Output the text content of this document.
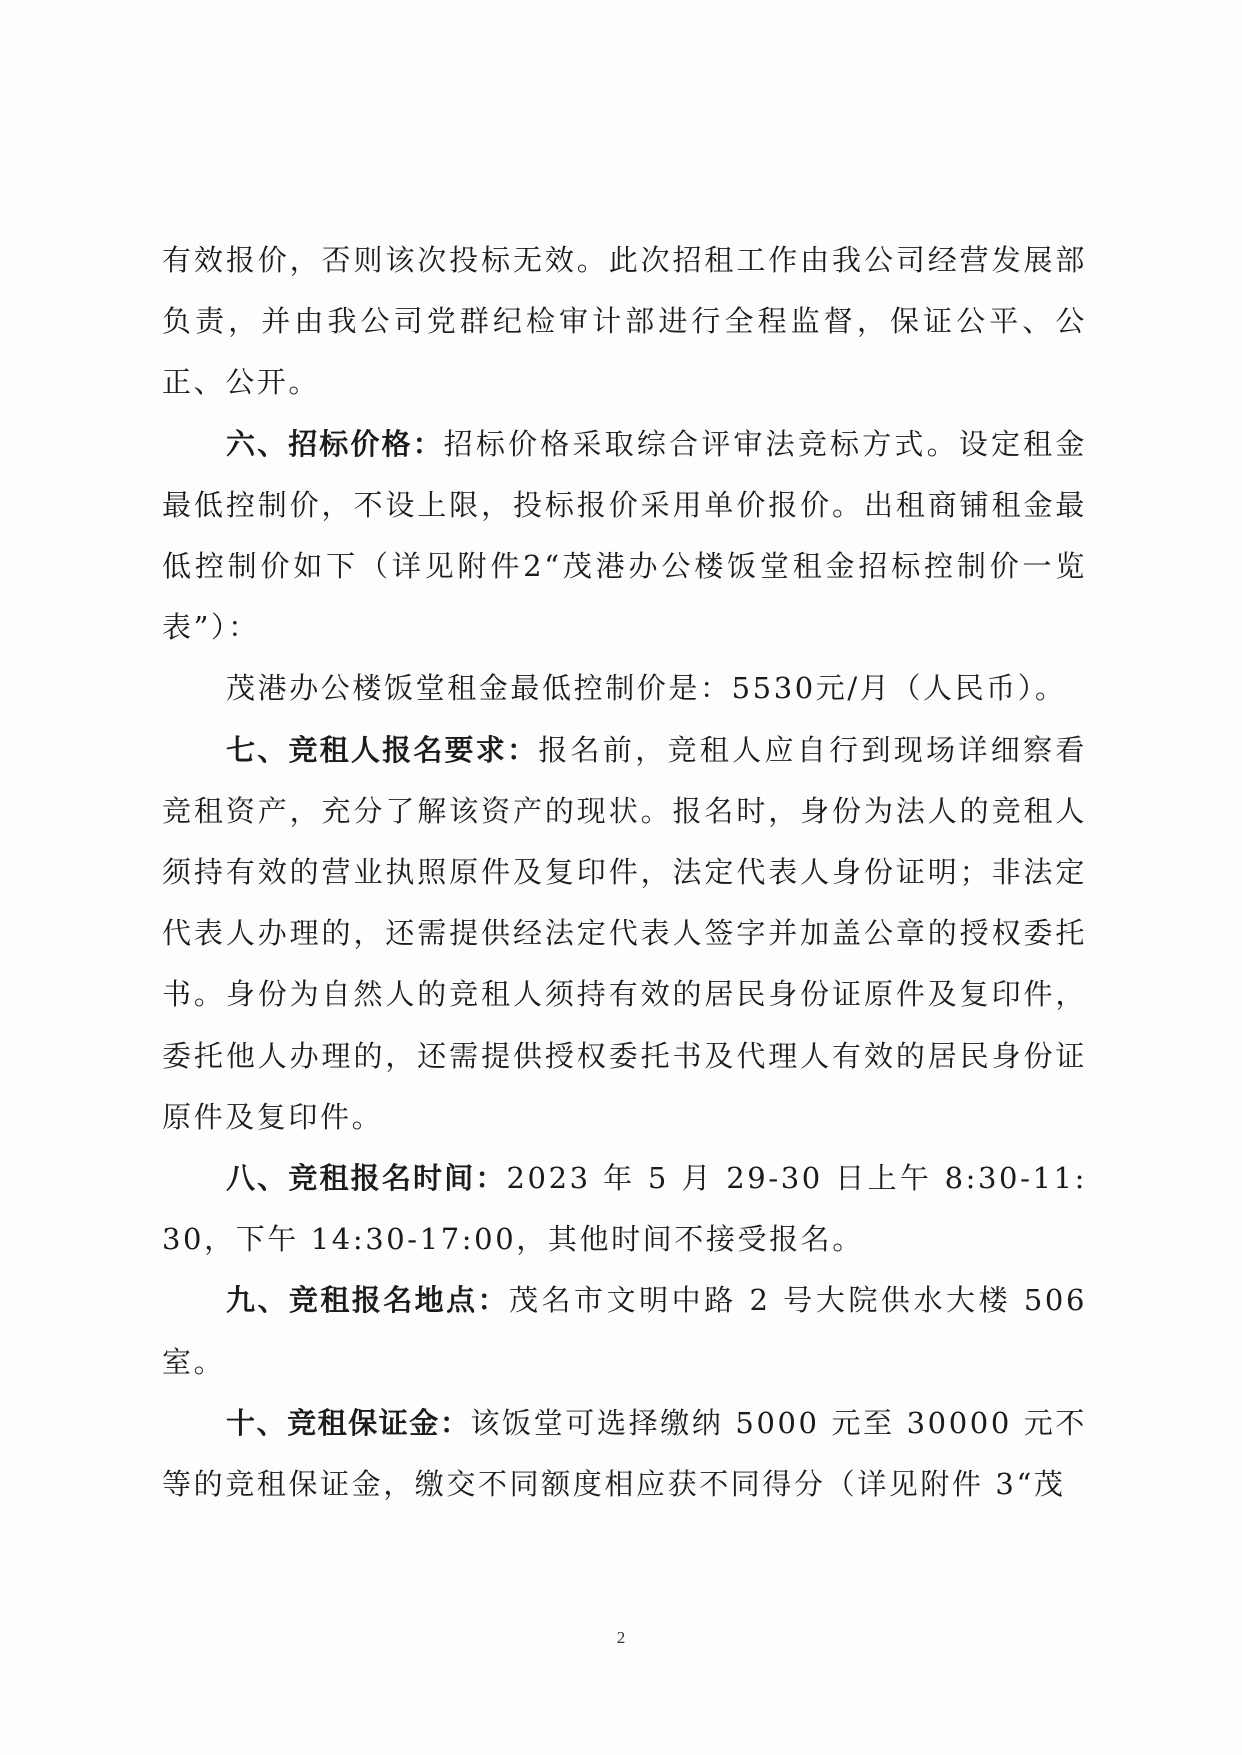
有效报价，否则该次投标无效。此次招租工作由我公司经营发展部负责，并由我公司党群纪检审计部进行全程监督，保证公平、公正、公开。

六、招标价格：招标价格采取综合评审法竞标方式。设定租金最低控制价，不设上限，投标报价采用单价报价。出租商铺租金最低控制价如下（详见附件2“茂港办公楼饭堂租金招标控制价一览表”）：

茂港办公楼饭堂租金最低控制价是：5530元/月（人民币）。

七、竞租人报名要求：报名前，竞租人应自行到现场详细察看竞租资产，充分了解该资产的现状。报名时，身份为法人的竞租人须持有效的营业执照原件及复印件，法定代表人身份证明；非法定代表人办理的，还需提供经法定代表人签字并加盖公章的授权委托书。身份为自然人的竞租人须持有效的居民身份证原件及复印件，委托他人办理的，还需提供授权委托书及代理人有效的居民身份证原件及复印件。

八、竞租报名时间：2023 年 5 月 29-30 日上午 8:30-11:30，下午 14:30-17:00，其他时间不接受报名。

九、竞租报名地点：茂名市文明中路 2 号大院供水大楼 506 室。

十、竞租保证金：该饭堂可选择缴纳 5000 元至 30000 元不等的竞租保证金，缴交不同额度相应获不同得分（详见附件 3“茂

2
